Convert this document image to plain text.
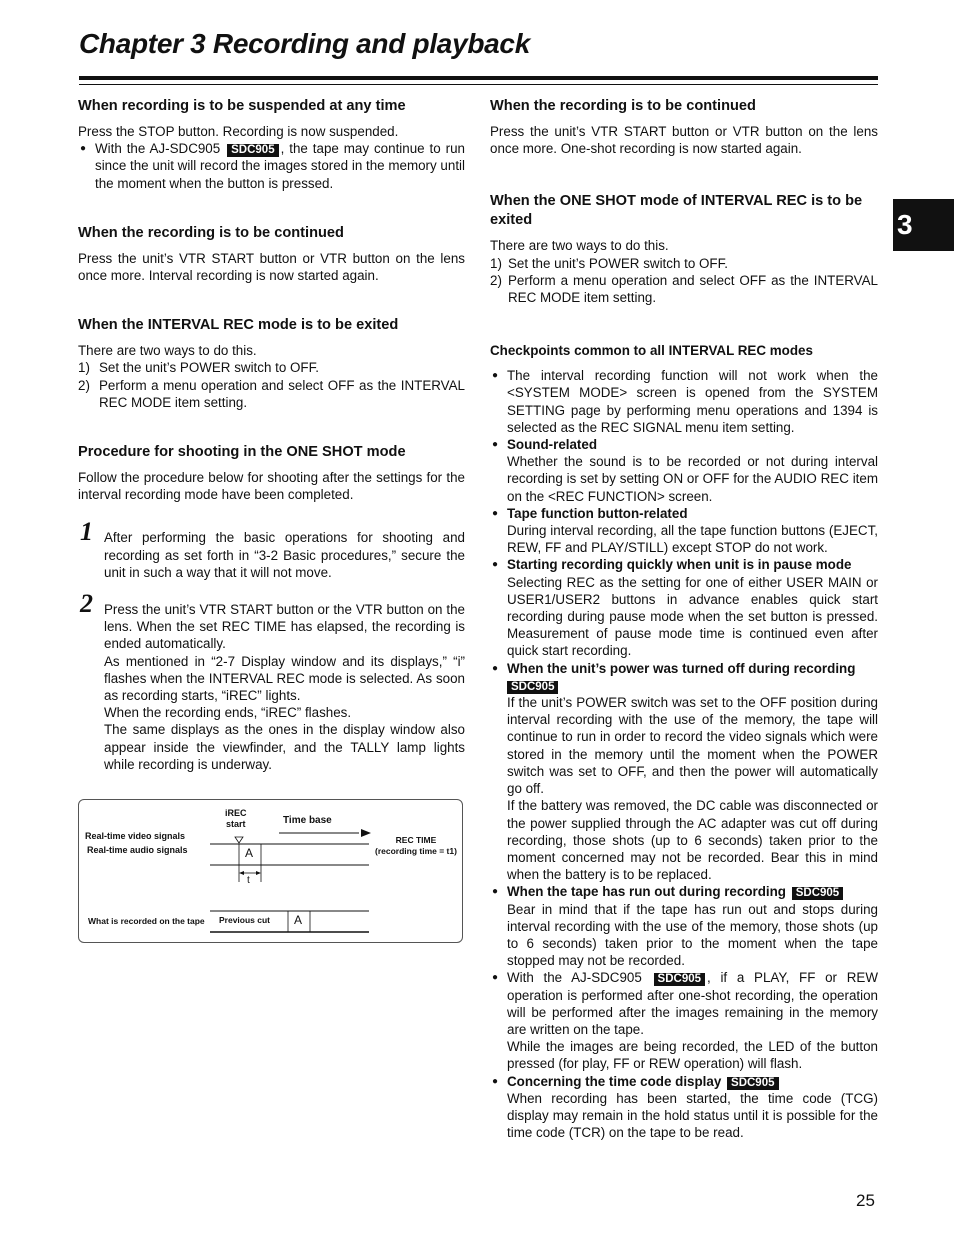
Chapter 3 Recording and playback
3
When recording is to be suspended at any time

Press the STOP button. Recording is now suspended.

● With the AJ-SDC905 SDC905 , the tape may continue to run since the unit will record the images stored in the memory until the moment when the button is pressed.
When the recording is to be continued

Press the unit’s VTR START button or VTR button on the lens once more. Interval recording is now started again.

When the INTERVAL REC mode is to be exited

There are two ways to do this.

1) Set the unit’s POWER switch to OFF.
2) Perform a menu operation and select OFF as the INTERVAL REC MODE item setting.
Procedure for shooting in the ONE SHOT mode

Follow the procedure below for shooting after the settings for the interval recording mode have been completed.

1 After performing the basic operations for shooting and recording as set forth in “3-2 Basic procedures,” secure the unit in such a way that it will not move.

2 Press the unit’s VTR START button or the VTR button on the lens. When the set REC TIME has elapsed, the recording is ended automatically.

As mentioned in “2-7 Display window and its displays,” “i” flashes when the INTERVAL REC mode is selected. As soon as recording starts, “iREC” lights.

When the recording ends, “iREC” flashes.

The same displays as the ones in the display window also appear inside the viewfinder, and the TALLY lamp lights while recording is underway.

iREC
start	Time base
Real-time video signals
Real-time audio signals
REC TIME
(recording time = t1)
What is recorded on the tape Previous cut
A
t
A
When the recording is to be continued

Press the unit’s VTR START button or VTR button on the lens once more. One-shot recording is now started again.

When the ONE SHOT mode of INTERVAL REC is to be exited

There are two ways to do this.

1) Set the unit’s POWER switch to OFF.
2) Perform a menu operation and select OFF as the INTERVAL REC MODE item setting.
Checkpoints common to all INTERVAL REC modes
● The interval recording function will not work when the <SYSTEM MODE> screen is opened from the SYSTEM SETTING page by performing menu operations and 1394 is selected as the REC SIGNAL menu item setting.
● Sound-related
Whether the sound is to be recorded or not during interval recording is set by setting ON or OFF for the AUDIO REC item on the <REC FUNCTION> screen.
● Tape function button-related
During interval recording, all the tape function buttons (EJECT, REW, FF and PLAY/STILL) except STOP do not work.
● Starting recording quickly when unit is in pause mode
Selecting REC as the setting for one of either USER MAIN or USER1/USER2 buttons in advance enables quick start recording during pause mode when the set button is pressed. Measurement of pause mode time is continued even after quick start recording.
● When the unit’s power was turned off during recording
SDC905
If the unit’s POWER switch was set to the OFF position during interval recording with the use of the memory, the tape will continue to run in order to record the video signals which were stored in the memory until the moment when the POWER switch was set to OFF, and then the power will automatically go off.
If the battery was removed, the DC cable was disconnected or the power supplied through the AC adapter was cut off during recording, those shots (up to 6 seconds) taken prior to the moment concerned may not be recorded. Bear this in mind when the battery is to be replaced.
● When the tape has run out during recording SDC905
Bear in mind that if the tape has run out and stops during interval recording with the use of the memory, those shots (up to 6 seconds) taken prior to the moment when the tape stopped may not be recorded.
● With the AJ-SDC905 SDC905 , if a PLAY, FF or REW operation is performed after one-shot recording, the operation will be performed after the images remaining in the memory are written on the tape.
While the images are being recorded, the LED of the button pressed (for play, FF or REW operation) will flash.
● Concerning the time code display SDC905
When recording has been started, the time code (TCG) display may remain in the hold status until it is possible for the time code (TCR) on the tape to be read.
25
